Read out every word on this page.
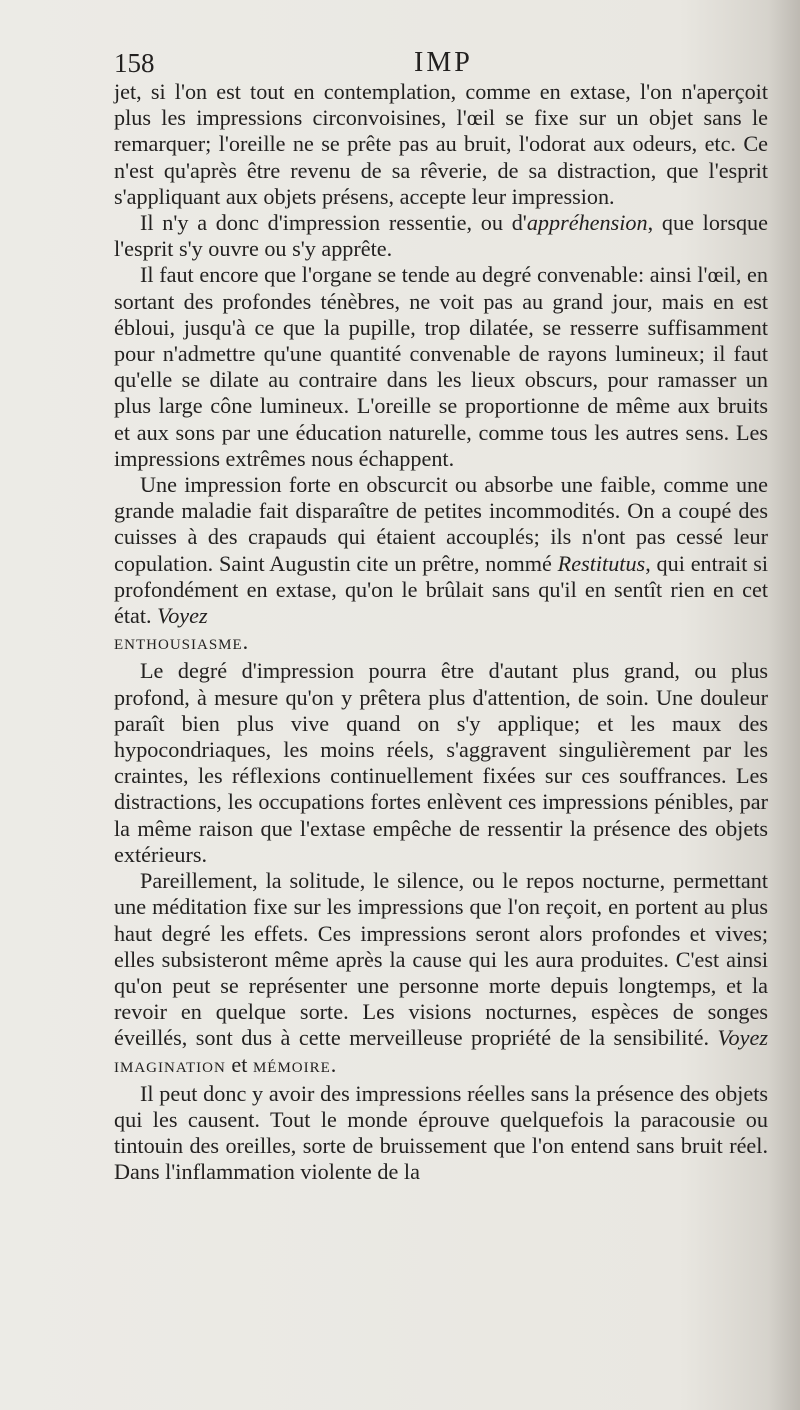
158	IMP

jet, si l'on est tout en contemplation, comme en extase, l'on n'aperçoit plus les impressions circonvoisines, l'œil se fixe sur un objet sans le remarquer; l'oreille ne se prête pas au bruit, l'odorat aux odeurs, etc. Ce n'est qu'après être revenu de sa rêverie, de sa distraction, que l'esprit s'appliquant aux objets présens, accepte leur impression.

Il n'y a donc d'impression ressentie, ou d'appréhension, que lorsque l'esprit s'y ouvre ou s'y apprête.

Il faut encore que l'organe se tende au degré convenable: ainsi l'œil, en sortant des profondes ténèbres, ne voit pas au grand jour, mais en est ébloui, jusqu'à ce que la pupille, trop dilatée, se resserre suffisamment pour n'admettre qu'une quantité convenable de rayons lumineux; il faut qu'elle se dilate au contraire dans les lieux obscurs, pour ramasser un plus large cône lumineux. L'oreille se proportionne de même aux bruits et aux sons par une éducation naturelle, comme tous les autres sens. Les impressions extrêmes nous échappent.

Une impression forte en obscurcit ou absorbe une faible, comme une grande maladie fait disparaître de petites incommodités. On a coupé des cuisses à des crapauds qui étaient accouplés; ils n'ont pas cessé leur copulation. Saint Augustin cite un prêtre, nommé Restitutus, qui entrait si profondément en extase, qu'on le brûlait sans qu'il en sentît rien en cet état. Voyez
ENTHOUSIASME.

Le degré d'impression pourra être d'autant plus grand, ou plus profond, à mesure qu'on y prêtera plus d'attention, de soin. Une douleur paraît bien plus vive quand on s'y applique; et les maux des hypocondriaques, les moins réels, s'aggravent singulièrement par les craintes, les réflexions continuellement fixées sur ces souffrances. Les distractions, les occupations fortes enlèvent ces impressions pénibles, par la même raison que l'extase empêche de ressentir la présence des objets extérieurs.

Pareillement, la solitude, le silence, ou le repos nocturne, permettant une méditation fixe sur les impressions que l'on reçoit, en portent au plus haut degré les effets. Ces impressions seront alors profondes et vives; elles subsisteront même après la cause qui les aura produites. C'est ainsi qu'on peut se représenter une personne morte depuis longtemps, et la revoir en quelque sorte. Les visions nocturnes, espèces de songes éveillés, sont dus à cette merveilleuse propriété de la sensibilité. Voyez IMAGINATION et MÉMOIRE.

Il peut donc y avoir des impressions réelles sans la présence des objets qui les causent. Tout le monde éprouve quelquefois la paracousie ou tintouin des oreilles, sorte de bruissement que l'on entend sans bruit réel. Dans l'inflammation violente de la
